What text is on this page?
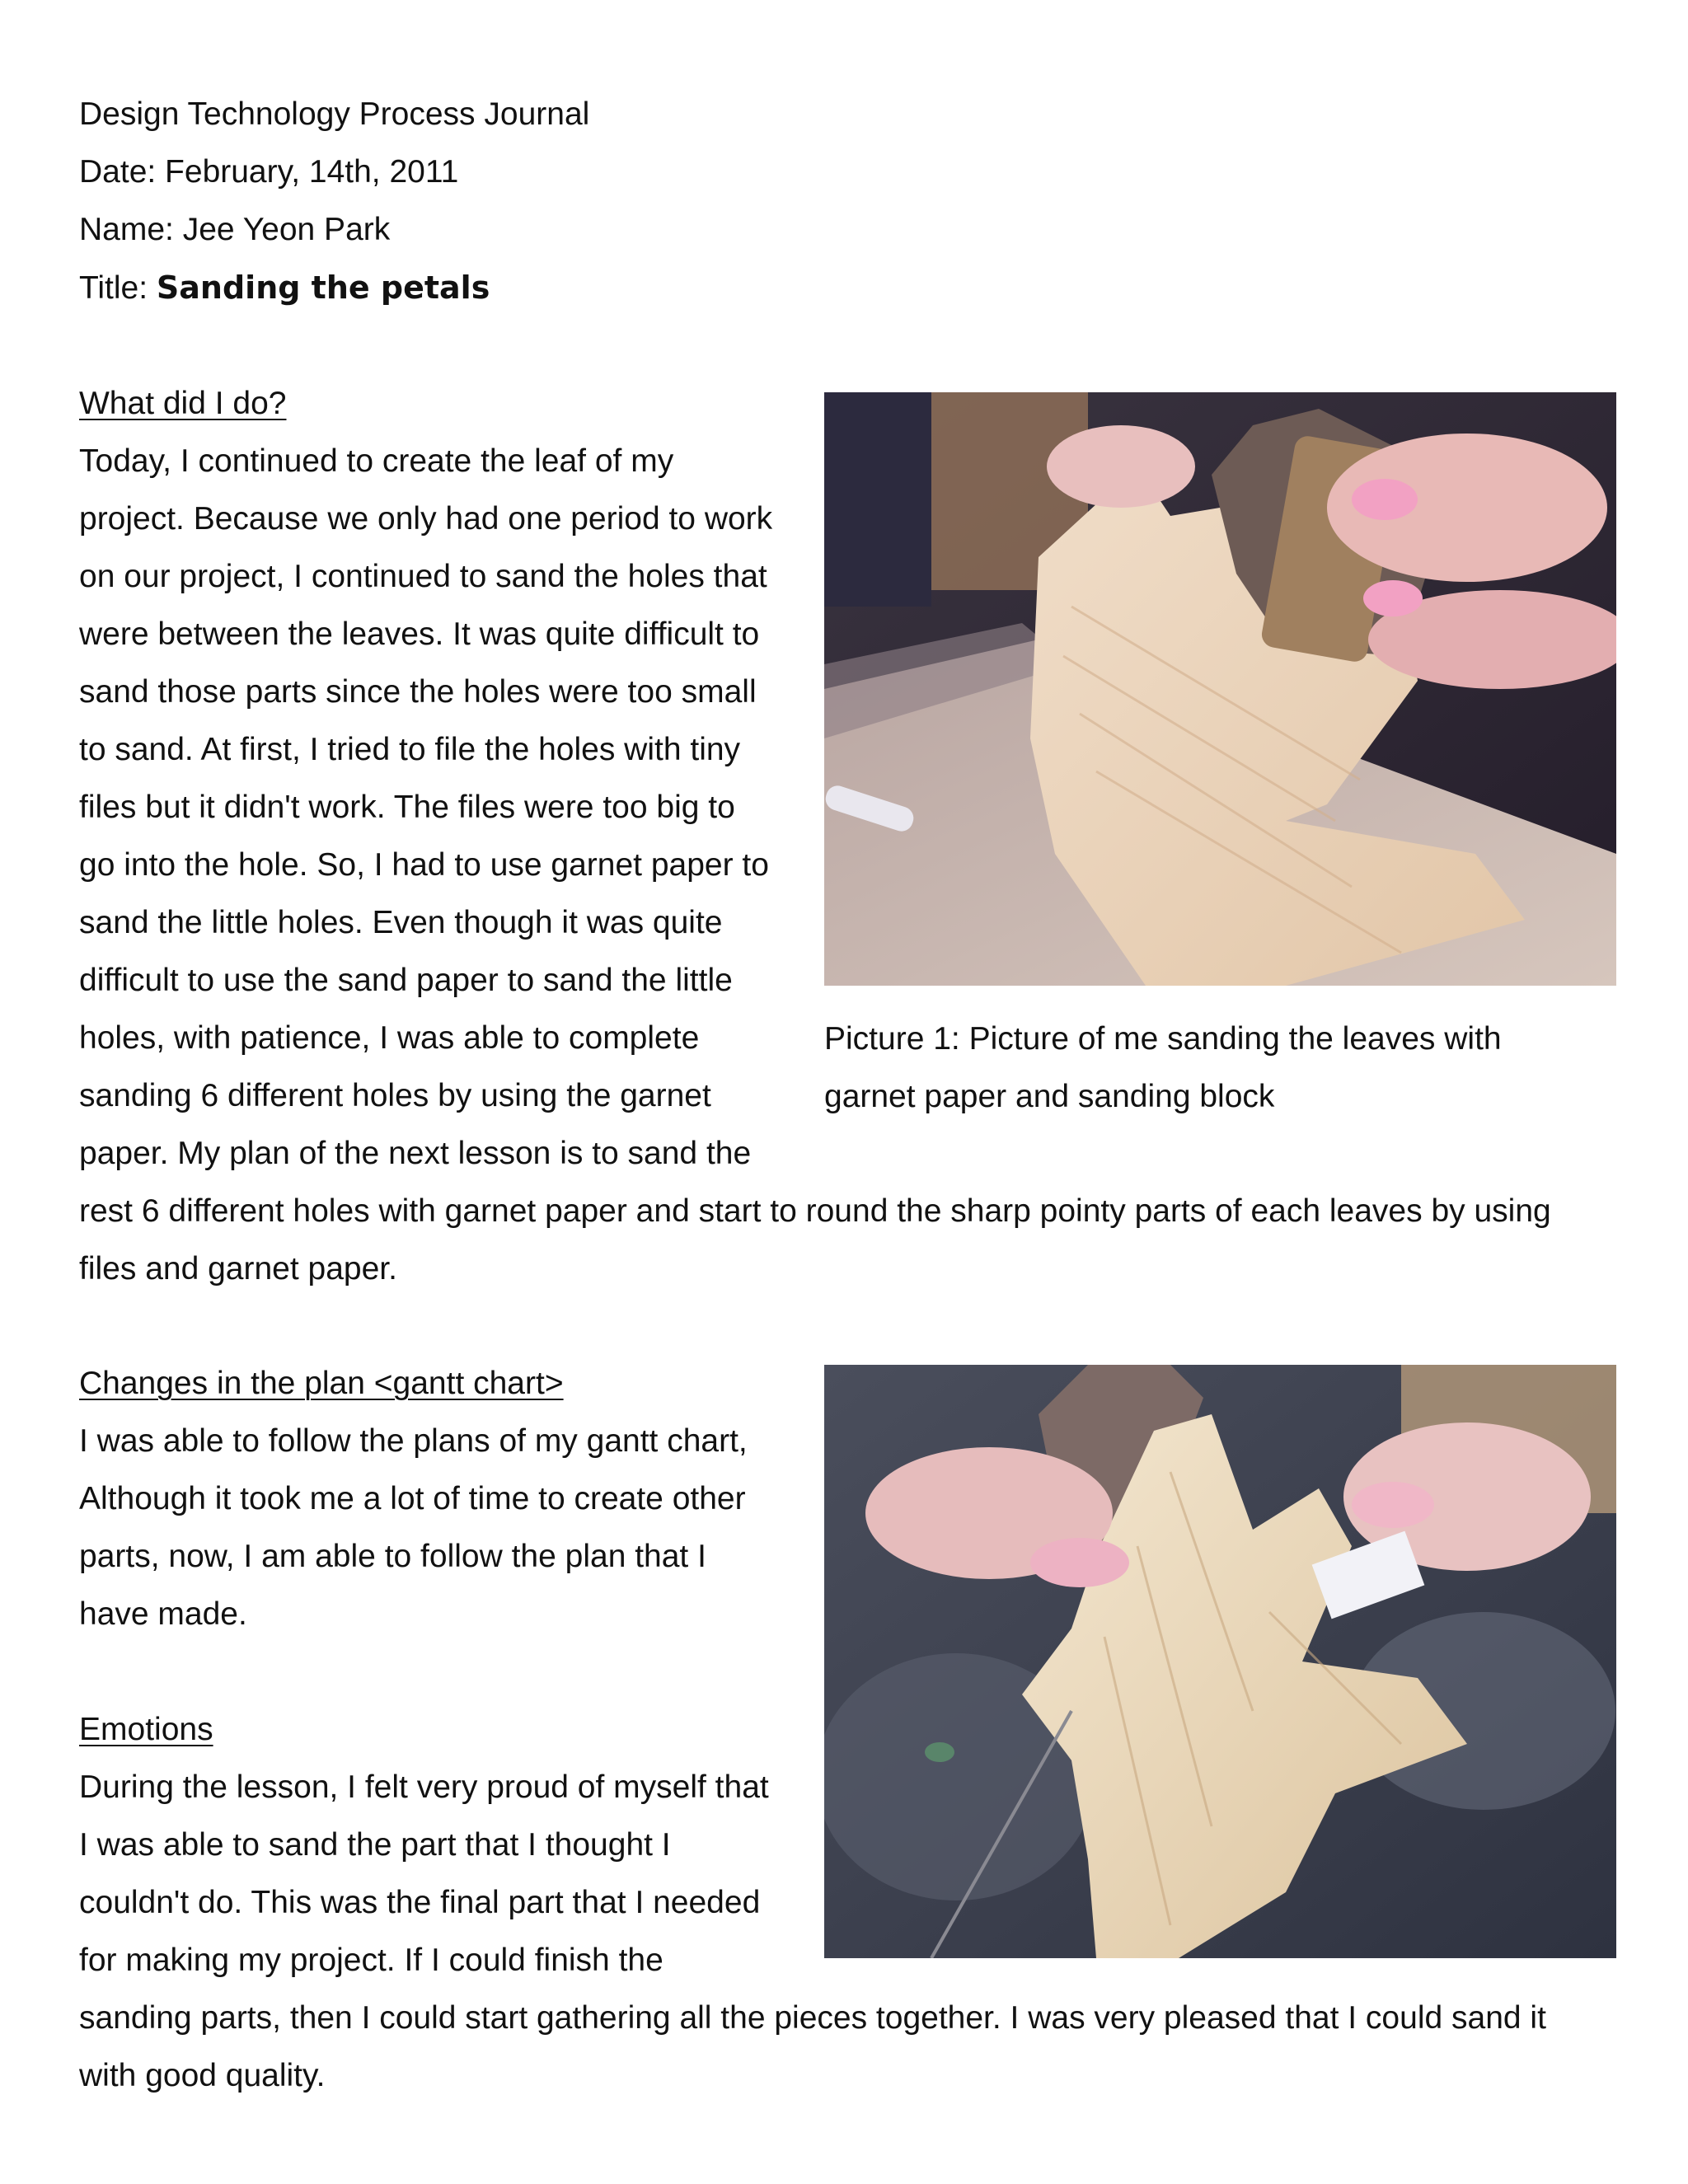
Design Technology Process Journal
Date: February, 14th, 2011
Name: Jee Yeon Park
Title: Sanding the petals
What did I do?
Today, I continued to create the leaf of my
project. Because we only had one period to work
on our project, I continued to sand the holes that
were between the leaves. It was quite difficult to
sand those parts since the holes were too small
to sand. At first, I tried to file the holes with tiny
files but it didn't work. The files were too big to
go into the hole. So, I had to use garnet paper to
sand the little holes. Even though it was quite
difficult to use the sand paper to sand the little
holes, with patience, I was able to complete
sanding 6 different holes by using the garnet
paper. My plan of the next lesson is to sand the
rest 6 different holes with garnet paper and start to round the sharp pointy parts of each leaves by using
files and garnet paper.
Picture 1: Picture of me sanding the leaves with
garnet paper and sanding block
Changes in the plan <gantt chart>
I was able to follow the plans of my gantt chart,
Although it took me a lot of time to create other
parts, now, I am able to follow the plan that I
have made.
Emotions
During the lesson, I felt very proud of myself that
I was able to sand the part that I thought I
couldn't do. This was the final part that I needed
for making my project. If I could finish the
sanding parts, then I could start gathering all the pieces together. I was very pleased that I could sand it
with good quality.
